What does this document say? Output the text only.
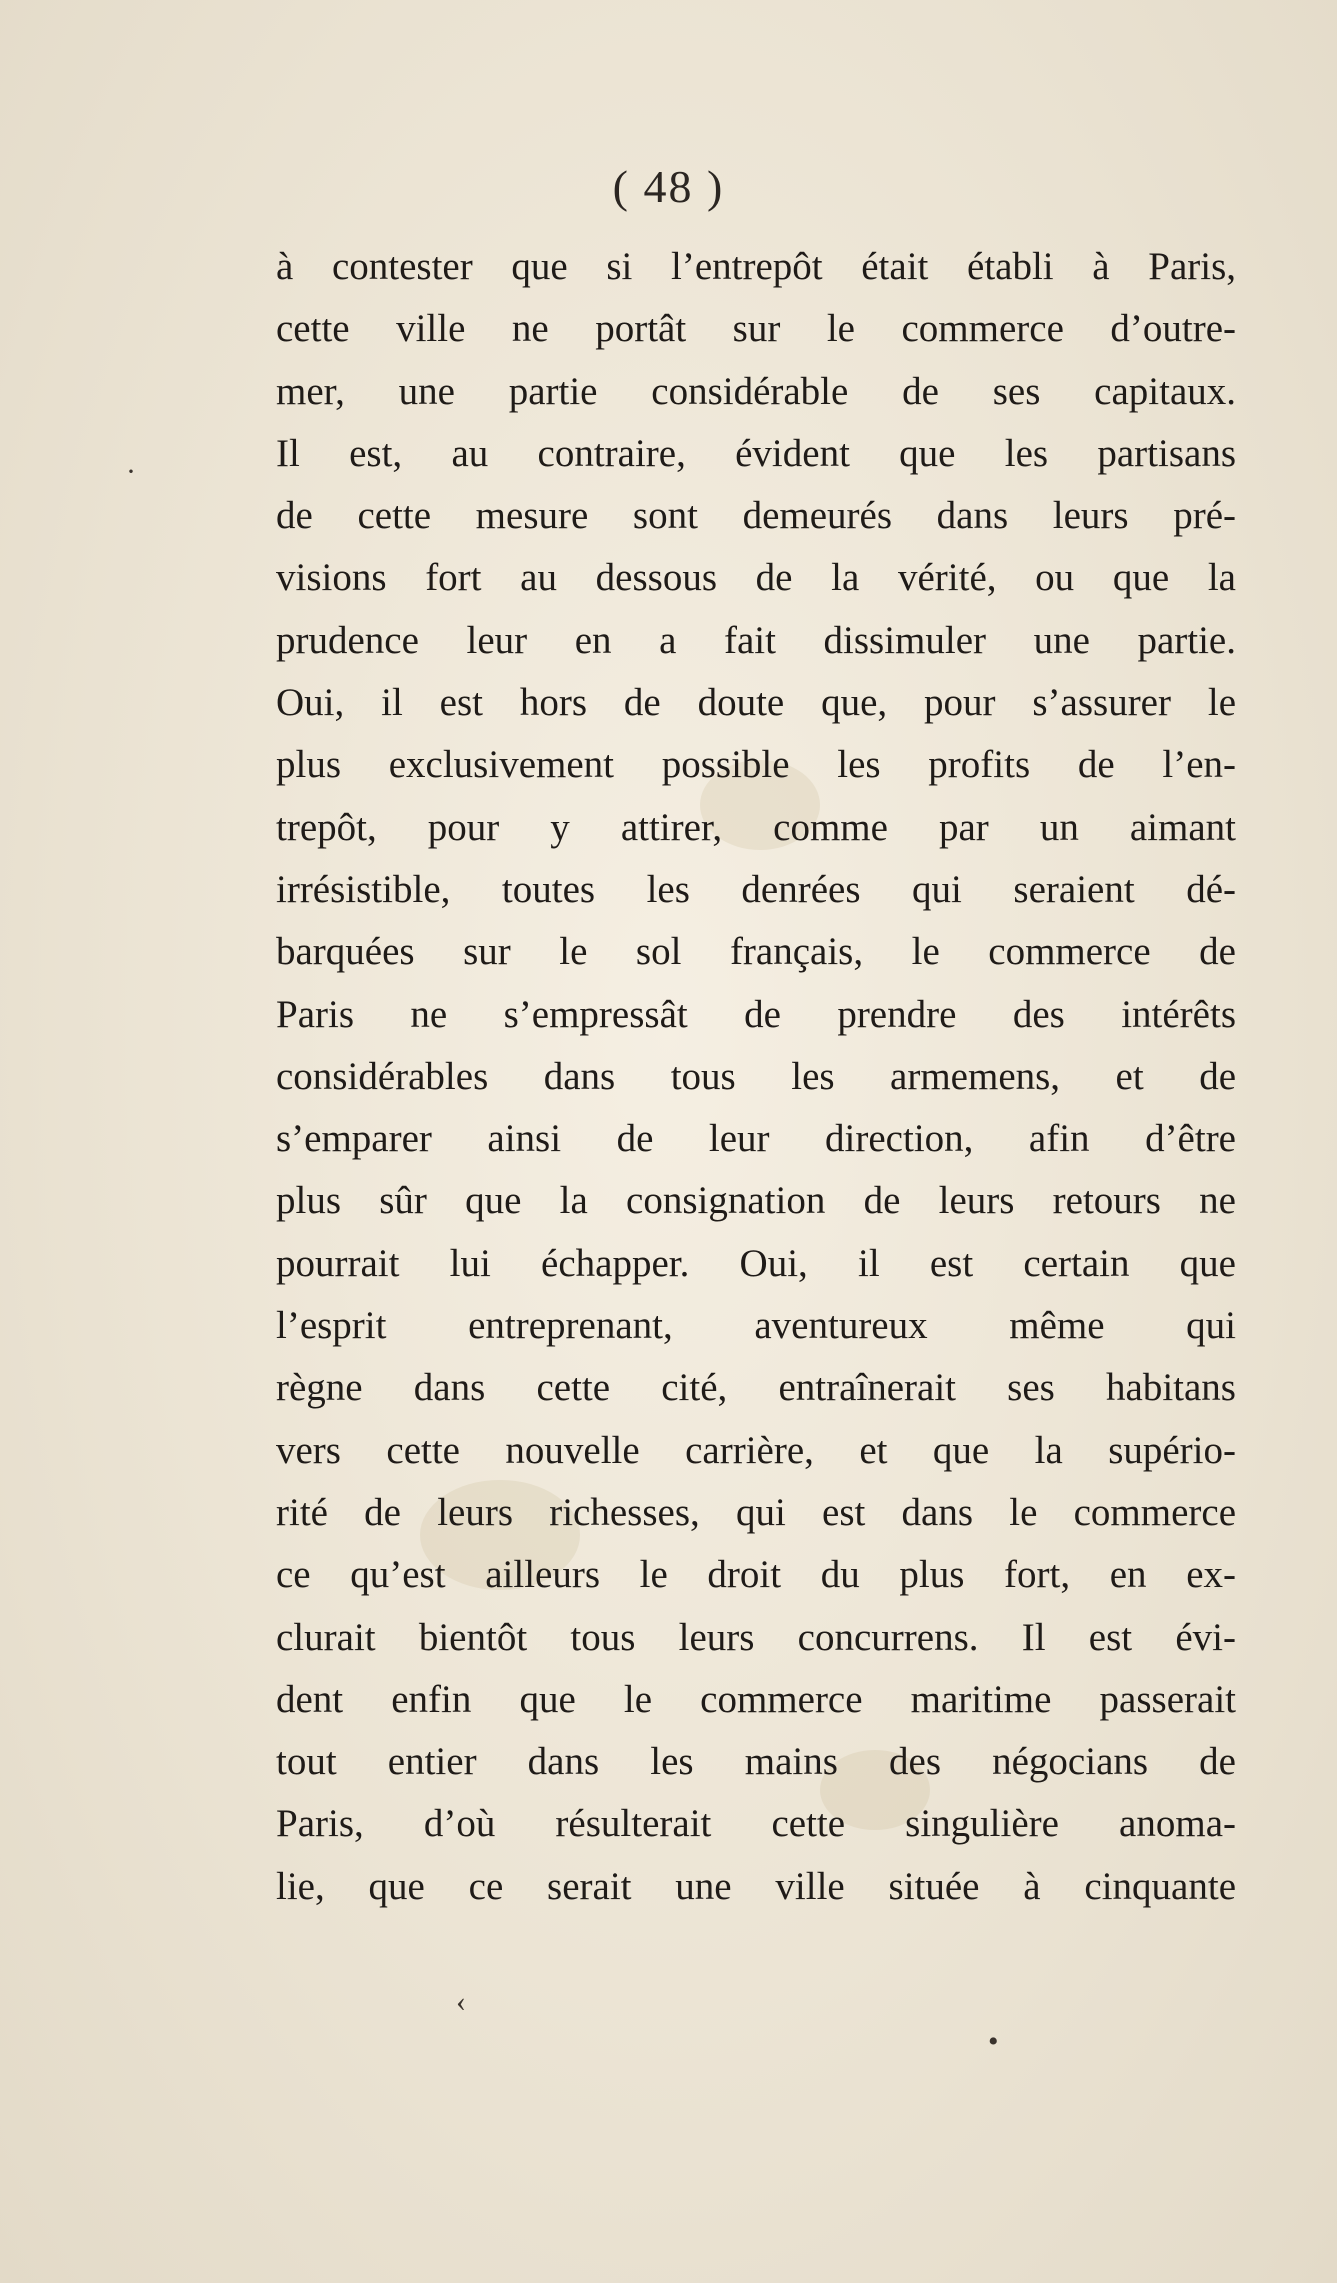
( 48 )
à contester que si l’entrepôt était établi à Paris,
cette ville ne portât sur le commerce d’outre-
mer, une partie considérable de ses capitaux.
Il est, au contraire, évident que les partisans
de cette mesure sont demeurés dans leurs pré-
visions fort au dessous de la vérité, ou que la
prudence leur en a fait dissimuler une partie.
Oui, il est hors de doute que, pour s’assurer le
plus exclusivement possible les profits de l’en-
trepôt, pour y attirer, comme par un aimant
irrésistible, toutes les denrées qui seraient dé-
barquées sur le sol français, le commerce de
Paris ne s’empressât de prendre des intérêts
considérables dans tous les armemens, et de
s’emparer ainsi de leur direction, afin d’être
plus sûr que la consignation de leurs retours ne
pourrait lui échapper. Oui, il est certain que
l’esprit entreprenant, aventureux même qui
règne dans cette cité, entraînerait ses habitans
vers cette nouvelle carrière, et que la supério-
rité de leurs richesses, qui est dans le commerce
ce qu’est ailleurs le droit du plus fort, en ex-
clurait bientôt tous leurs concurrens. Il est évi-
dent enfin que le commerce maritime passerait
tout entier dans les mains des négocians de
Paris, d’où résulterait cette singulière anoma-
lie, que ce serait une ville située à cinquante
·
‹
•
